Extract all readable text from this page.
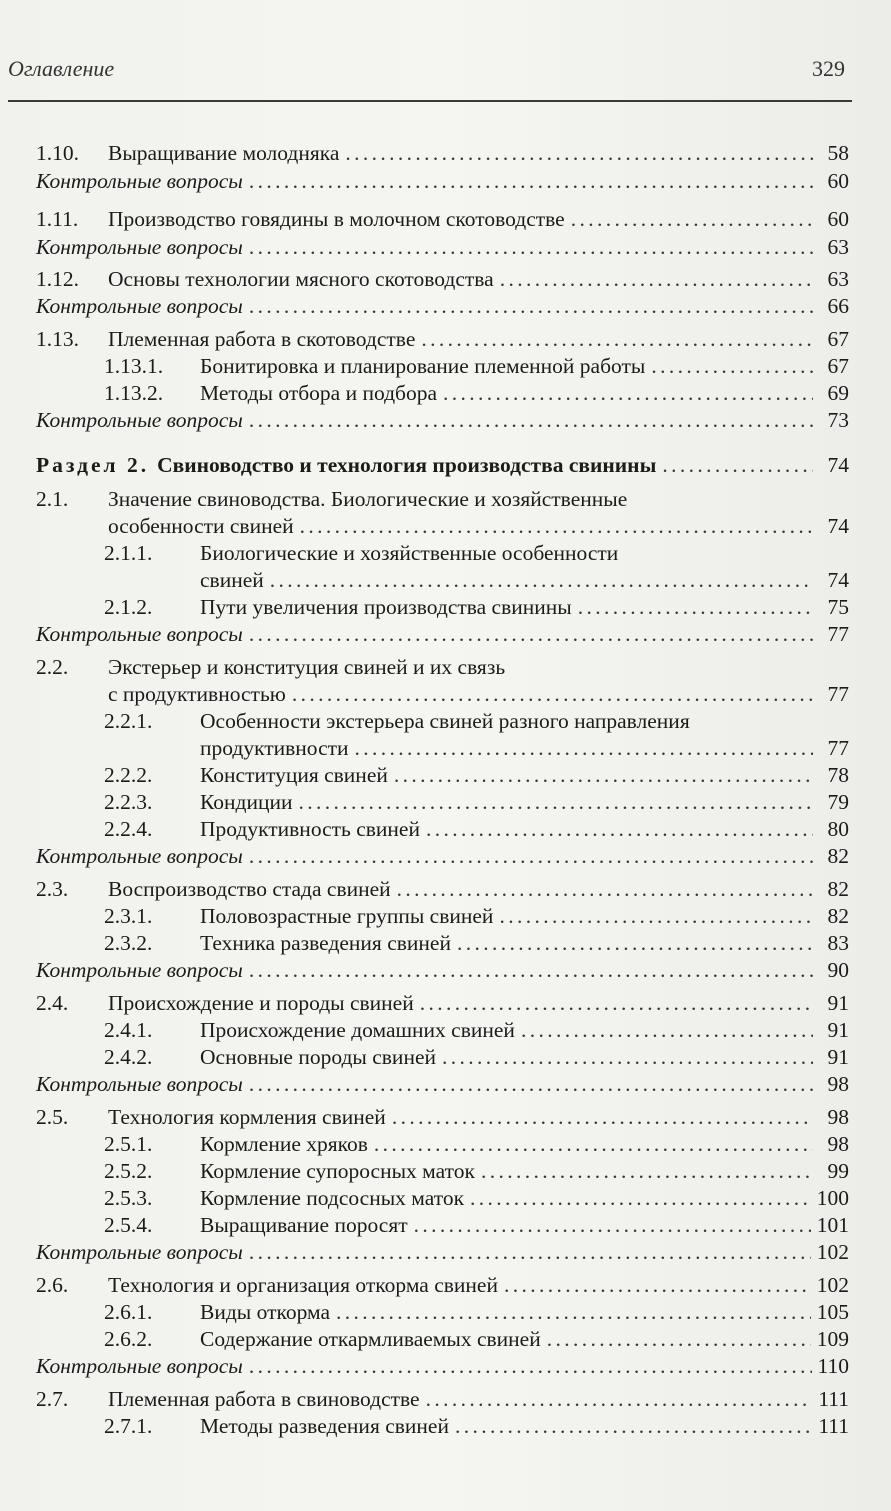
Оглавление	329
1.10.	Выращивание молодняка . . .	58
Контрольные вопросы . . .	60
1.11.	Производство говядины в молочном скотоводстве . . .	60
Контрольные вопросы . . .	63
1.12.	Основы технологии мясного скотоводства . . .	63
Контрольные вопросы . . .	66
1.13.	Племенная работа в скотоводстве . . .	67
1.13.1.	Бонитировка и планирование племенной работы . . .	67
1.13.2.	Методы отбора и подбора . . .	69
Контрольные вопросы . . .	73
Раздел 2. Свиноводство и технология производства свинины . . .	74
2.1. Значение свиноводства. Биологические и хозяйственные
особенности свиней . . .	74
2.1.1. Биологические и хозяйственные особенности
свиней . . .	74
2.1.2.	Пути увеличения производства свинины . . .	75
Контрольные вопросы . . .	77
2.2. Экстерьер и конституция свиней и их связь
с продуктивностью . . .	77
2.2.1. Особенности экстерьера свиней разного направления
продуктивности . . .	77
2.2.2.	Конституция свиней . . .	78
2.2.3.	Кондиции . . .	79
2.2.4.	Продуктивность свиней . . .	80
Контрольные вопросы . . .	82
2.3.	Воспроизводство стада свиней . . .	82
2.3.1.	Половозрастные группы свиней . . .	82
2.3.2.	Техника разведения свиней . . .	83
Контрольные вопросы . . .	90
2.4.	Происхождение и породы свиней . . .	91
2.4.1.	Происхождение домашних свиней . . .	91
2.4.2.	Основные породы свиней . . .	91
Контрольные вопросы . . .	98
2.5.	Технология кормления свиней . . .	98
2.5.1.	Кормление хряков . . .	98
2.5.2.	Кормление супоросных маток . . .	99
2.5.3.	Кормление подсосных маток . . .	100
2.5.4.	Выращивание поросят . . .	101
Контрольные вопросы . . .	102
2.6.	Технология и организация откорма свиней . . .	102
2.6.1.	Виды откорма . . .	105
2.6.2.	Содержание откармливаемых свиней . . .	109
Контрольные вопросы . . .	110
2.7.	Племенная работа в свиноводстве . . .	111
2.7.1.	Методы разведения свиней . . .	111
